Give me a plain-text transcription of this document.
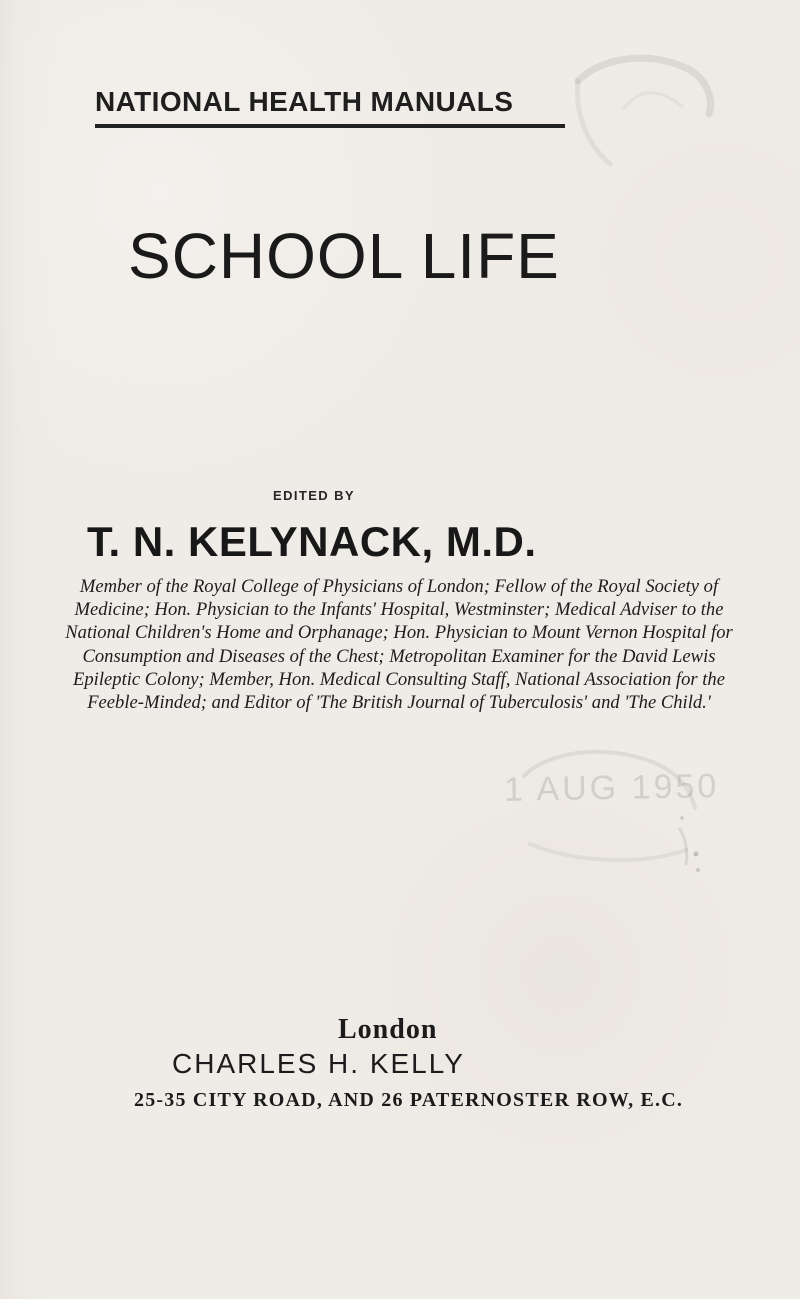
NATIONAL HEALTH MANUALS
SCHOOL LIFE
EDITED BY
T. N. KELYNACK, M.D.
Member of the Royal College of Physicians of London; Fellow of the Royal Society of Medicine; Hon. Physician to the Infants' Hospital, Westminster; Medical Adviser to the National Children's Home and Orphanage; Hon. Physician to Mount Vernon Hospital for Consumption and Diseases of the Chest; Metropolitan Examiner for the David Lewis Epileptic Colony; Member, Hon. Medical Consulting Staff, National Association for the Feeble-Minded; and Editor of 'The British Journal of Tuberculosis' and 'The Child.'
1 AUG 1950
London
CHARLES H. KELLY
25-35 CITY ROAD, AND 26 PATERNOSTER ROW, E.C.
